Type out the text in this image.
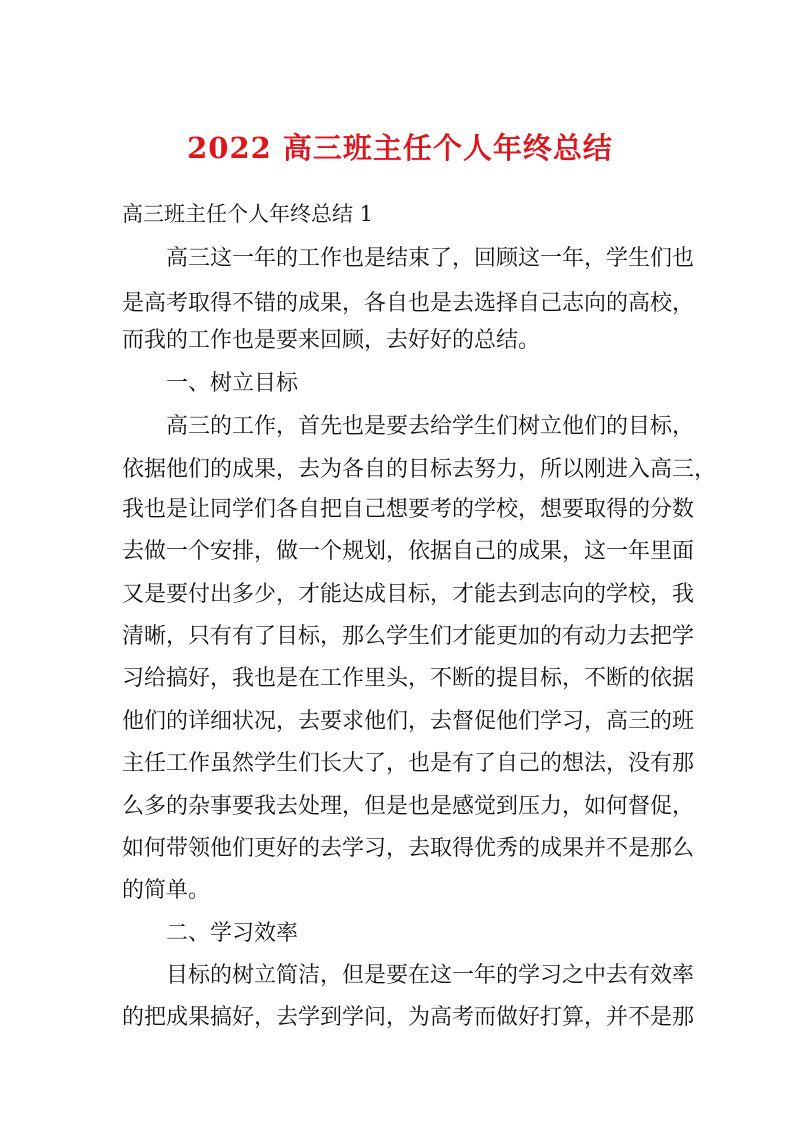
2022 高三班主任个人年终总结
高三班主任个人年终总结 1
高三这一年的工作也是结束了，回顾这一年，学生们也
是高考取得不错的成果，各自也是去选择自己志向的高校，
而我的工作也是要来回顾，去好好的总结。
一、树立目标
高三的工作，首先也是要去给学生们树立他们的目标，
依据他们的成果，去为各自的目标去努力，所以刚进入高三，
我也是让同学们各自把自己想要考的学校，想要取得的分数
去做一个安排，做一个规划，依据自己的成果，这一年里面
又是要付出多少，才能达成目标，才能去到志向的学校，我
清晰，只有有了目标，那么学生们才能更加的有动力去把学
习给搞好，我也是在工作里头，不断的提目标，不断的依据
他们的详细状况，去要求他们，去督促他们学习，高三的班
主任工作虽然学生们长大了，也是有了自己的想法，没有那
么多的杂事要我去处理，但是也是感觉到压力，如何督促，
如何带领他们更好的去学习，去取得优秀的成果并不是那么
的简单。
二、学习效率
目标的树立简洁，但是要在这一年的学习之中去有效率
的把成果搞好，去学到学问，为高考而做好打算，并不是那
